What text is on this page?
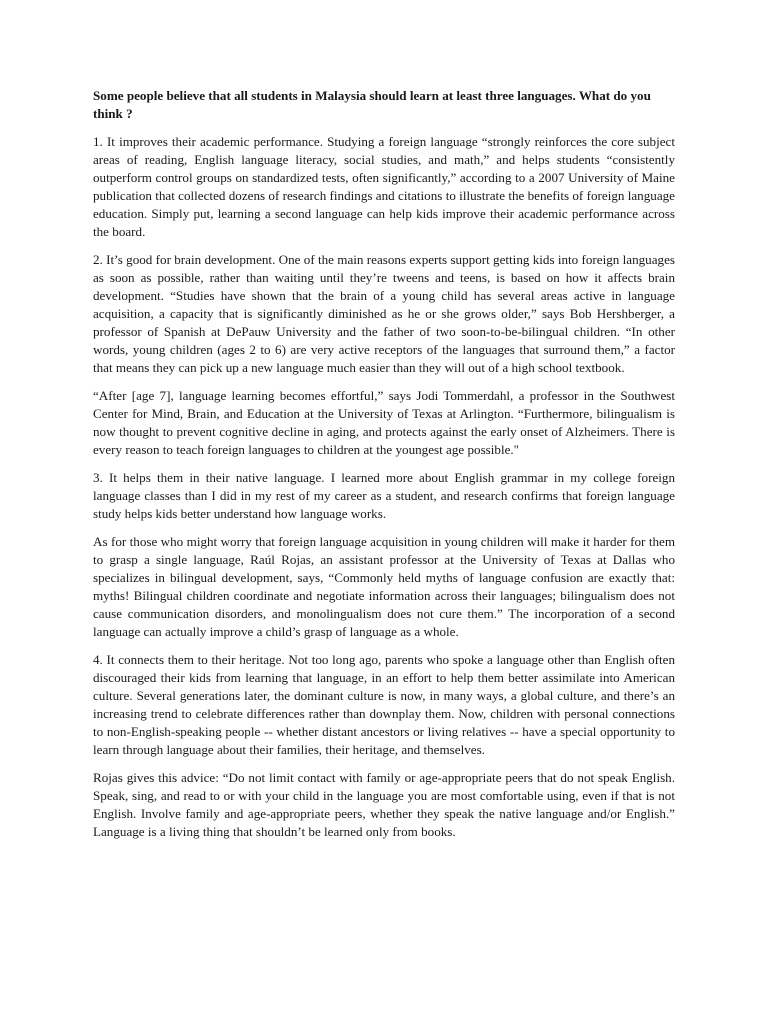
Some people believe that all students in Malaysia should learn at least three languages. What do you think ?

1. It improves their academic performance. Studying a foreign language “strongly reinforces the core subject areas of reading, English language literacy, social studies, and math,” and helps students “consistently outperform control groups on standardized tests, often significantly,” according to a 2007 University of Maine publication that collected dozens of research findings and citations to illustrate the benefits of foreign language education. Simply put, learning a second language can help kids improve their academic performance across the board.

2. It’s good for brain development. One of the main reasons experts support getting kids into foreign languages as soon as possible, rather than waiting until they’re tweens and teens, is based on how it affects brain development. “Studies have shown that the brain of a young child has several areas active in language acquisition, a capacity that is significantly diminished as he or she grows older,” says Bob Hershberger, a professor of Spanish at DePauw University and the father of two soon-to-be-bilingual children. “In other words, young children (ages 2 to 6) are very active receptors of the languages that surround them,” a factor that means they can pick up a new language much easier than they will out of a high school textbook.

“After [age 7], language learning becomes effortful,” says Jodi Tommerdahl, a professor in the Southwest Center for Mind, Brain, and Education at the University of Texas at Arlington. “Furthermore, bilingualism is now thought to prevent cognitive decline in aging, and protects against the early onset of Alzheimers. There is every reason to teach foreign languages to children at the youngest age possible."

3. It helps them in their native language. I learned more about English grammar in my college foreign language classes than I did in my rest of my career as a student, and research confirms that foreign language study helps kids better understand how language works.

As for those who might worry that foreign language acquisition in young children will make it harder for them to grasp a single language, Raúl Rojas, an assistant professor at the University of Texas at Dallas who specializes in bilingual development, says, “Commonly held myths of language confusion are exactly that: myths! Bilingual children coordinate and negotiate information across their languages; bilingualism does not cause communication disorders, and monolingualism does not cure them.” The incorporation of a second language can actually improve a child’s grasp of language as a whole.

4. It connects them to their heritage. Not too long ago, parents who spoke a language other than English often discouraged their kids from learning that language, in an effort to help them better assimilate into American culture. Several generations later, the dominant culture is now, in many ways, a global culture, and there’s an increasing trend to celebrate differences rather than downplay them. Now, children with personal connections to non-English-speaking people -- whether distant ancestors or living relatives -- have a special opportunity to learn through language about their families, their heritage, and themselves.

Rojas gives this advice: “Do not limit contact with family or age-appropriate peers that do not speak English. Speak, sing, and read to or with your child in the language you are most comfortable using, even if that is not English. Involve family and age-appropriate peers, whether they speak the native language and/or English.” Language is a living thing that shouldn’t be learned only from books.
